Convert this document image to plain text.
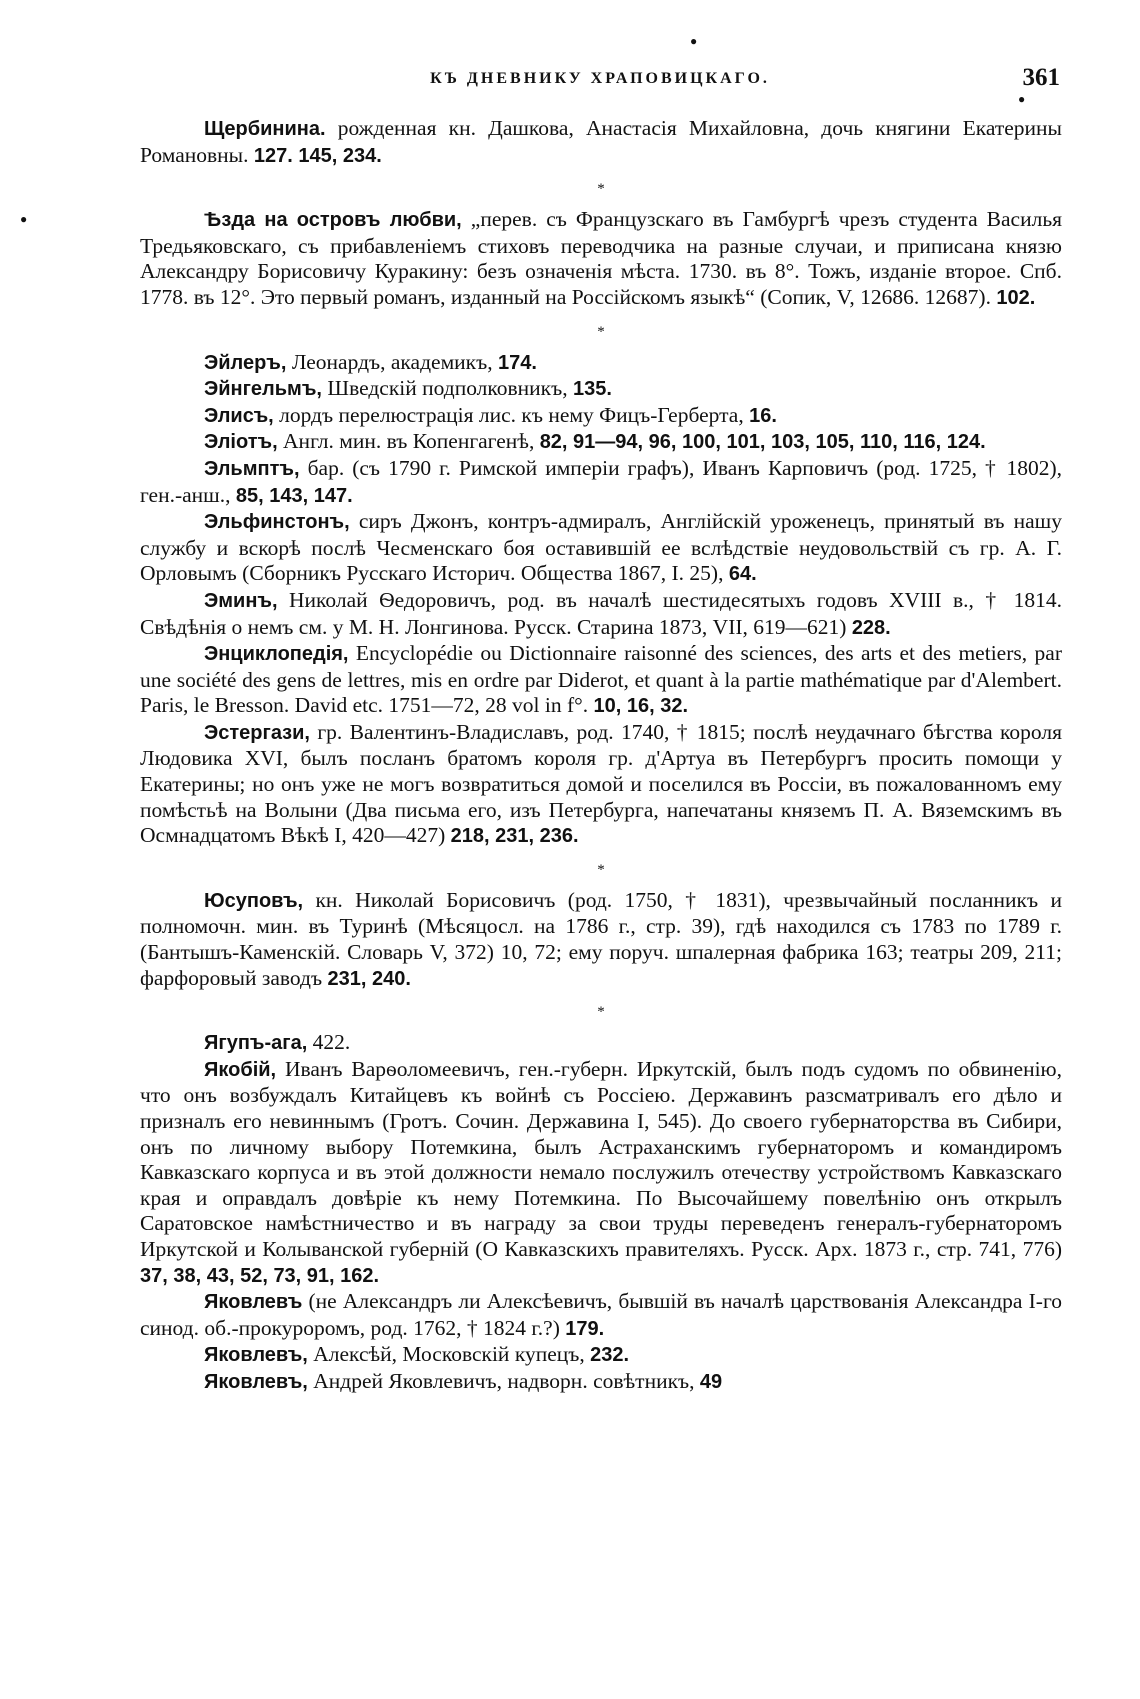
●
●
●
КЪ ДНЕВНИКУ ХРАПОВИЦКАГО.	361

Щербинина. рожденная кн. Дашкова, Анастасія Михайловна, дочь княгини Екатерины Романовны. 127. 145, 234.

*

Ѣзда на островъ любви, „перев. съ Французскаго въ Гамбургѣ чрезъ студента Василья Тредьяковскаго, съ прибавленіемъ стиховъ переводчика на разные случаи, и приписана князю Александру Борисовичу Куракину: безъ означенія мѣста. 1730. въ 8°. Тожъ, изданіе второе. Спб. 1778. въ 12°. Это первый романъ, изданный на Россійскомъ языкѣ“ (Сопик, V, 12686. 12687). 102.

*

Эйлеръ, Леонардъ, академикъ, 174.

Эйнгельмъ, Шведскій подполковникъ, 135.

Элисъ, лордъ перелюстрація лис. къ нему Фицъ-Герберта, 16.

Эліотъ, Англ. мин. въ Копенгагенѣ, 82, 91—94, 96, 100, 101, 103, 105, 110, 116, 124.

Эльмптъ, бар. (съ 1790 г. Римской имперіи графъ), Иванъ Карповичъ (род. 1725, † 1802), ген.-анш., 85, 143, 147.

Эльфинстонъ, сиръ Джонъ, контръ-адмиралъ, Англійскій уроженецъ, принятый въ нашу службу и вскорѣ послѣ Чесменскаго боя оставившій ее вслѣдствіе неудовольствій съ гр. А. Г. Орловымъ (Сборникъ Русскаго Историч. Общества 1867, I. 25), 64.

Эминъ, Николай Ѳедоровичъ, род. въ началѣ шестидесятыхъ годовъ XVIII в., † 1814. Свѣдѣнія о немъ см. у М. Н. Лонгинова. Русск. Старина 1873, VII, 619—621) 228.

Энциклопедія, Encyclopédie ou Dictionnaire raisonné des sciences, des arts et des metiers, par une société des gens de lettres, mis en ordre par Diderot, et quant à la partie mathématique par d'Alembert. Paris, le Bresson. David etc. 1751—72, 28 vol in f°. 10, 16, 32.

Эстергази, гр. Валентинъ-Владиславъ, род. 1740, † 1815; послѣ неудачнаго бѣгства короля Людовика XVI, былъ посланъ братомъ короля гр. д'Артуа въ Петербургъ просить помощи у Екатерины; но онъ уже не могъ возвратиться домой и поселился въ Россіи, въ пожалованномъ ему помѣстьѣ на Волыни (Два письма его, изъ Петербурга, напечатаны княземъ П. А. Вяземскимъ въ Осмнадцатомъ Вѣкѣ I, 420—427) 218, 231, 236.

*

Юсуповъ, кн. Николай Борисовичъ (род. 1750, † 1831), чрезвычайный посланникъ и полномочн. мин. въ Туринѣ (Мѣсяцосл. на 1786 г., стр. 39), гдѣ находился съ 1783 по 1789 г. (Бантышъ-Каменскій. Словарь V, 372) 10, 72; ему поруч. шпалерная фабрика 163; театры 209, 211; фарфоровый заводъ 231, 240.

*

Ягупъ-ага, 422.

Якобій, Иванъ Варѳоломеевичъ, ген.-губерн. Иркутскій, былъ подъ судомъ по обвиненію, что онъ возбуждалъ Китайцевъ къ войнѣ съ Россіею. Державинъ разсматривалъ его дѣло и призналъ его невиннымъ (Гротъ. Сочин. Державина I, 545). До своего губернаторства въ Сибири, онъ по личному выбору Потемкина, былъ Астраханскимъ губернаторомъ и командиромъ Кавказскаго корпуса и въ этой должности немало послужилъ отечеству устройствомъ Кавказскаго края и оправдалъ довѣріе къ нему Потемкина. По Высочайшему повелѣнію онъ открылъ Саратовское намѣстничество и въ награду за свои труды переведенъ генералъ-губернаторомъ Иркутской и Колыванской губерній (О Кавказскихъ правителяхъ. Русск. Арх. 1873 г., стр. 741, 776) 37, 38, 43, 52, 73, 91, 162.

Яковлевъ (не Александръ ли Алексѣевичъ, бывшій въ началѣ царствованія Александра I-го синод. об.-прокуроромъ, род. 1762, † 1824 г.?) 179.

Яковлевъ, Алексѣй, Московскій купецъ, 232.

Яковлевъ, Андрей Яковлевичъ, надворн. совѣтникъ, 49
